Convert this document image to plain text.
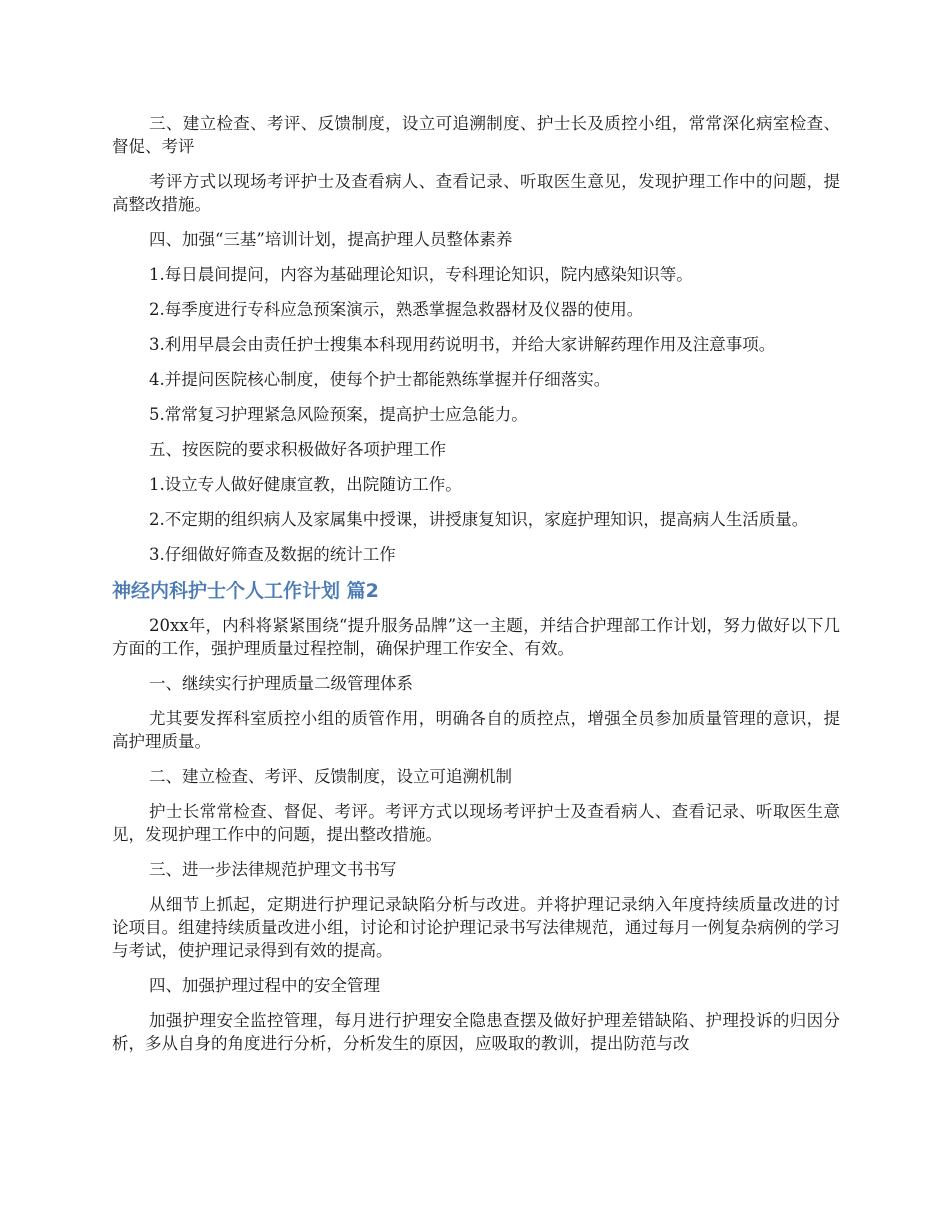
三、建立检查、考评、反馈制度，设立可追溯制度、护士长及质控小组，常常深化病室检查、督促、考评

考评方式以现场考评护士及查看病人、查看记录、听取医生意见，发现护理工作中的问题，提高整改措施。

四、加强“三基”培训计划，提高护理人员整体素养

1.每日晨间提问，内容为基础理论知识，专科理论知识，院内感染知识等。

2.每季度进行专科应急预案演示，熟悉掌握急救器材及仪器的使用。

3.利用早晨会由责任护士搜集本科现用药说明书，并给大家讲解药理作用及注意事项。

4.并提问医院核心制度，使每个护士都能熟练掌握并仔细落实。

5.常常复习护理紧急风险预案，提高护士应急能力。

五、按医院的要求积极做好各项护理工作

1.设立专人做好健康宣教，出院随访工作。

2.不定期的组织病人及家属集中授课，讲授康复知识，家庭护理知识，提高病人生活质量。

3.仔细做好筛查及数据的统计工作

神经内科护士个人工作计划 篇2

20xx年，内科将紧紧围绕“提升服务品牌”这一主题，并结合护理部工作计划，努力做好以下几方面的工作，强护理质量过程控制，确保护理工作安全、有效。

一、继续实行护理质量二级管理体系

尤其要发挥科室质控小组的质管作用，明确各自的质控点，增强全员参加质量管理的意识，提高护理质量。

二、建立检查、考评、反馈制度，设立可追溯机制

护士长常常检查、督促、考评。考评方式以现场考评护士及查看病人、查看记录、听取医生意见，发现护理工作中的问题，提出整改措施。

三、进一步法律规范护理文书书写

从细节上抓起，定期进行护理记录缺陷分析与改进。并将护理记录纳入年度持续质量改进的讨论项目。组建持续质量改进小组，讨论和讨论护理记录书写法律规范，通过每月一例复杂病例的学习与考试，使护理记录得到有效的提高。

四、加强护理过程中的安全管理

加强护理安全监控管理，每月进行护理安全隐患查摆及做好护理差错缺陷、护理投诉的归因分析，多从自身的角度进行分析，分析发生的原因，应吸取的教训，提出防范与改
